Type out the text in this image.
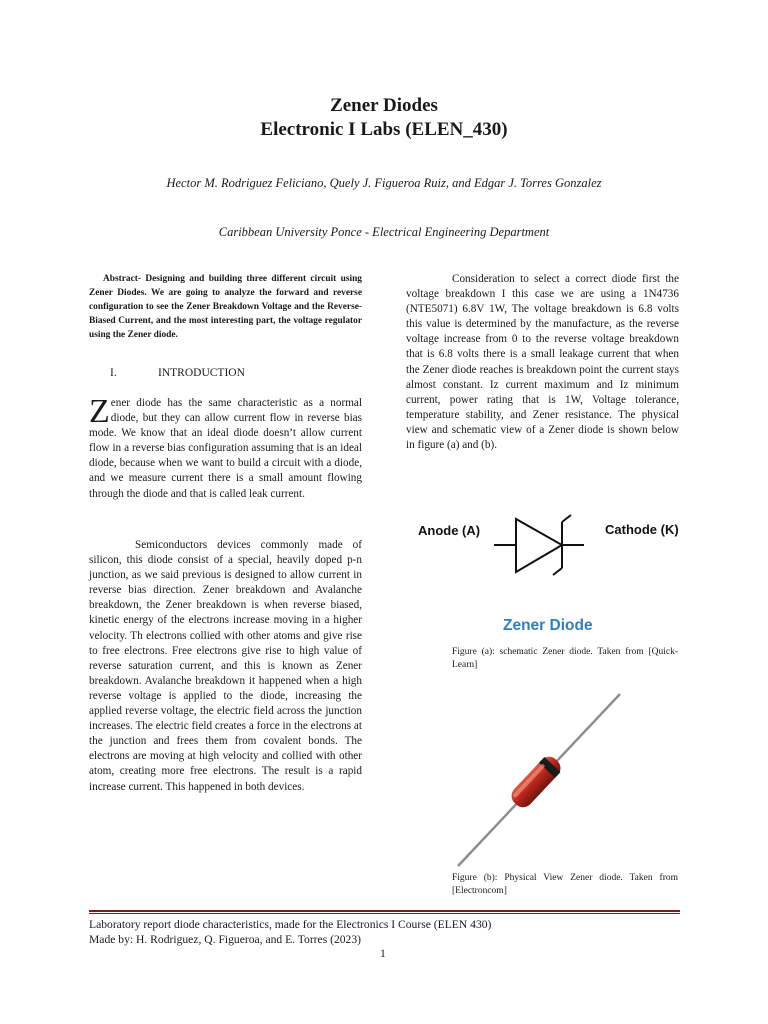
Zener Diodes
Electronic I Labs (ELEN_430)
Hector M. Rodriguez Feliciano, Quely J. Figueroa Ruiz, and Edgar J. Torres Gonzalez
Caribbean University Ponce - Electrical Engineering Department
Abstract- Designing and building three different circuit using Zener Diodes. We are going to analyze the forward and reverse configuration to see the Zener Breakdown Voltage and the Reverse-Biased Current, and the most interesting part, the voltage regulator using the Zener diode.
I.	INTRODUCTION
Zener diode has the same characteristic as a normal diode, but they can allow current flow in reverse bias mode. We know that an ideal diode doesn’t allow current flow in a reverse bias configuration assuming that is an ideal diode, because when we want to build a circuit with a diode, and we measure current there is a small amount flowing through the diode and that is called leak current.
Semiconductors devices commonly made of silicon, this diode consist of a special, heavily doped p-n junction, as we said previous is designed to allow current in reverse bias direction. Zener breakdown and Avalanche breakdown, the Zener breakdown is when reverse biased, kinetic energy of the electrons increase moving in a higher velocity. Th electrons collied with other atoms and give rise to free electrons. Free electrons give rise to high value of reverse saturation current, and this is known as Zener breakdown. Avalanche breakdown it happened when a high reverse voltage is applied to the diode, increasing the applied reverse voltage, the electric field across the junction increases. The electric field creates a force in the electrons at the junction and frees them from covalent bonds. The electrons are moving at high velocity and collied with other atom, creating more free electrons. The result is a rapid increase current. This happened in both devices.
Consideration to select a correct diode first the voltage breakdown I this case we are using a 1N4736 (NTE5071) 6.8V 1W, The voltage breakdown is 6.8 volts this value is determined by the manufacture, as the reverse voltage increase from 0 to the reverse voltage breakdown that is 6.8 volts there is a small leakage current that when the Zener diode reaches is breakdown point the current stays almost constant. Iz current maximum and Iz minimum current, power rating that is 1W, Voltage tolerance, temperature stability, and Zener resistance. The physical view and schematic view of a Zener diode is shown below in figure (a) and (b).
Anode (A)	Cathode (K)
Zener Diode
Figure (a): schematic Zener diode. Taken from [Quick-Learn]
Figure (b): Physical View Zener diode. Taken from [Electroncom]
Laboratory report diode characteristics, made for the Electronics I Course (ELEN 430)
Made by: H. Rodriguez, Q. Figueroa, and E. Torres (2023)
1
